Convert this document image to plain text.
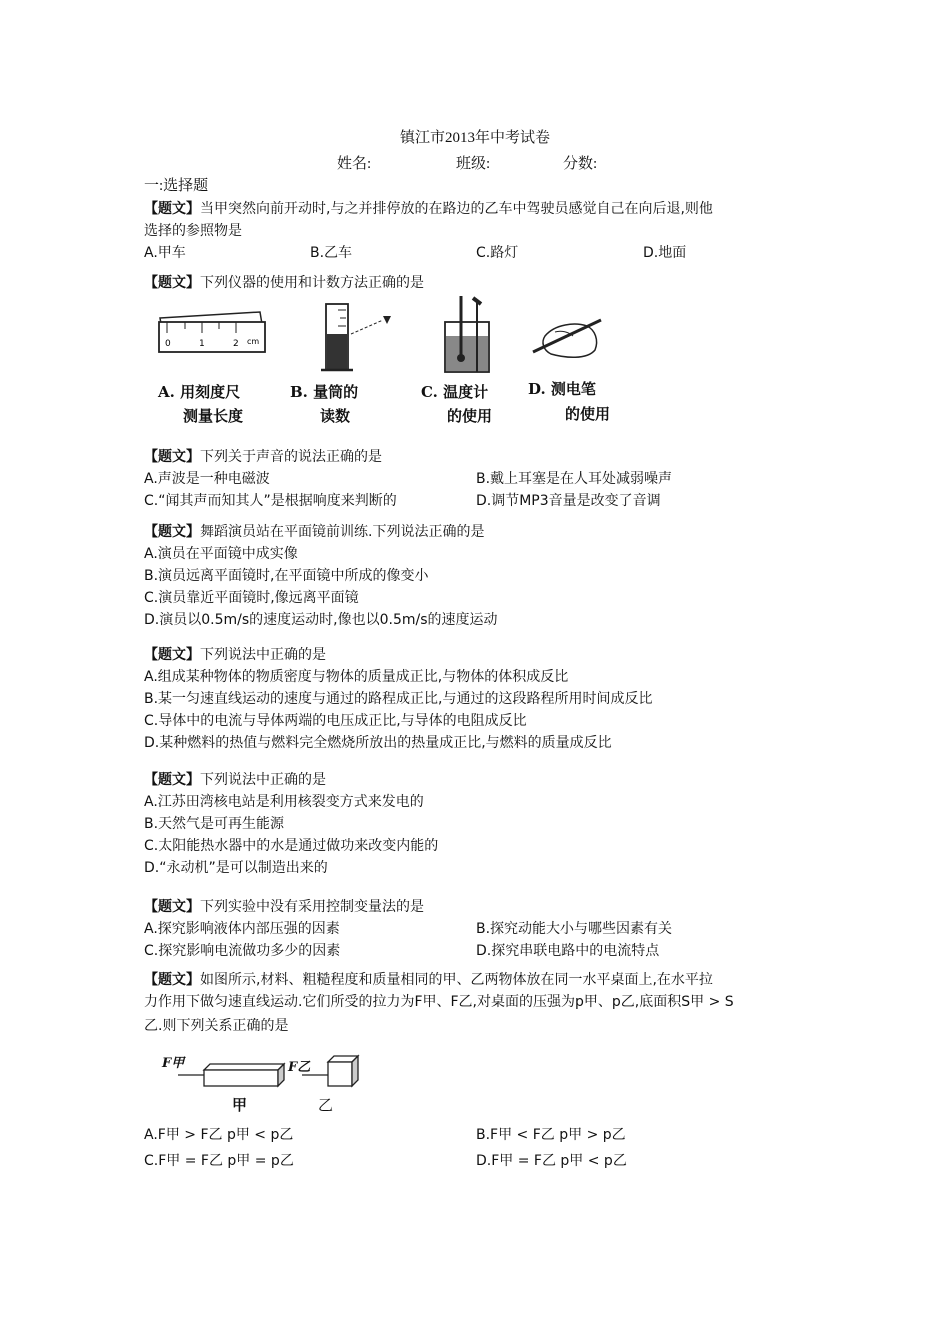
镇江市2013年中考试卷
姓名:	班级:	分数:
一:选择题
【题文】当甲突然向前开动时,与之并排停放的在路边的乙车中驾驶员感觉自己在向后退,则他
选择的参照物是
A.甲车	B.乙车	C.路灯	D.地面
【题文】下列仪器的使用和计数方法正确的是
0	1	2 cm
A. 用刻度尺
测量长度
B. 量筒的
读数
C. 温度计
的使用
D. 测电笔
的使用
【题文】下列关于声音的说法正确的是
A.声波是一种电磁波	B.戴上耳塞是在人耳处减弱噪声
C.“闻其声而知其人”是根据响度来判断的	D.调节MP3音量是改变了音调
【题文】舞蹈演员站在平面镜前训练.下列说法正确的是
A.演员在平面镜中成实像
B.演员远离平面镜时,在平面镜中所成的像变小
C.演员靠近平面镜时,像远离平面镜
D.演员以0.5m/s的速度运动时,像也以0.5m/s的速度运动
【题文】下列说法中正确的是
A.组成某种物体的物质密度与物体的质量成正比,与物体的体积成反比
B.某一匀速直线运动的速度与通过的路程成正比,与通过的这段路程所用时间成反比
C.导体中的电流与导体两端的电压成正比,与导体的电阻成反比
D.某种燃料的热值与燃料完全燃烧所放出的热量成正比,与燃料的质量成反比
【题文】下列说法中正确的是
A.江苏田湾核电站是利用核裂变方式来发电的
B.天然气是可再生能源
C.太阳能热水器中的水是通过做功来改变内能的
D.“永动机”是可以制造出来的
【题文】下列实验中没有采用控制变量法的是
A.探究影响液体内部压强的因素	B.探究动能大小与哪些因素有关
C.探究影响电流做功多少的因素	D.探究串联电路中的电流特点
【题文】如图所示,材料、粗糙程度和质量相同的甲、乙两物体放在同一水平桌面上,在水平拉
力作用下做匀速直线运动.它们所受的拉力为F甲、F乙,对桌面的压强为p甲、p乙,底面积S甲 > S
乙.则下列关系正确的是
F甲	F乙
甲	乙
A.F甲 > F乙 p甲 < p乙	B.F甲 < F乙 p甲 > p乙
C.F甲 = F乙 p甲 = p乙	D.F甲 = F乙 p甲 < p乙
